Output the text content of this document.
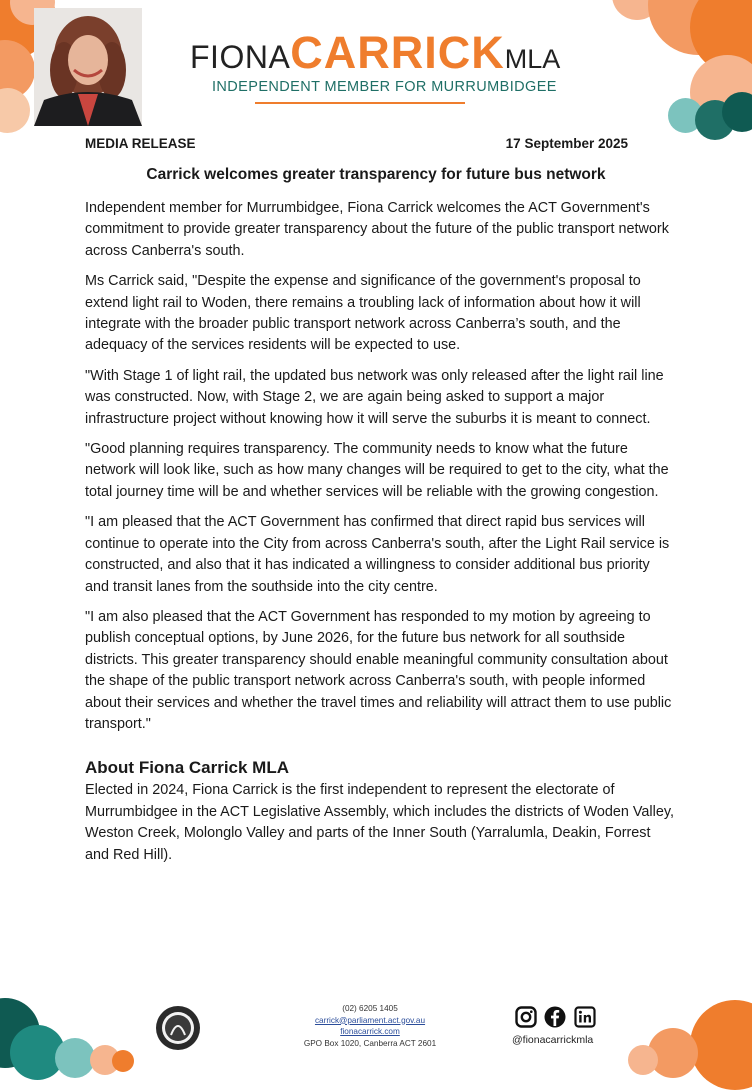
FIONACARRICKMLA
INDEPENDENT MEMBER FOR MURRUMBIDGEE
MEDIA RELEASE	17 September 2025
Carrick welcomes greater transparency for future bus network

Independent member for Murrumbidgee, Fiona Carrick welcomes the ACT Government's commitment to provide greater transparency about the future of the public transport network across Canberra's south.

Ms Carrick said, "Despite the expense and significance of the government's proposal to extend light rail to Woden, there remains a troubling lack of information about how it will integrate with the broader public transport network across Canberra’s south, and the adequacy of the services residents will be expected to use.

"With Stage 1 of light rail, the updated bus network was only released after the light rail line was constructed. Now, with Stage 2, we are again being asked to support a major infrastructure project without knowing how it will serve the suburbs it is meant to connect.

"Good planning requires transparency. The community needs to know what the future network will look like, such as how many changes will be required to get to the city, what the total journey time will be and whether services will be reliable with the growing congestion.

"I am pleased that the ACT Government has confirmed that direct rapid bus services will continue to operate into the City from across Canberra's south, after the Light Rail service is constructed, and also that it has indicated a willingness to consider additional bus priority and transit lanes from the southside into the city centre.

"I am also pleased that the ACT Government has responded to my motion by agreeing to publish conceptual options, by June 2026, for the future bus network for all southside districts. This greater transparency should enable meaningful community consultation about the shape of the public transport network across Canberra's south, with people informed about their services and whether the travel times and reliability will attract them to use public transport."

About Fiona Carrick MLA

Elected in 2024, Fiona Carrick is the first independent to represent the electorate of Murrumbidgee in the ACT Legislative Assembly, which includes the districts of Woden Valley, Weston Creek, Molonglo Valley and parts of the Inner South (Yarralumla, Deakin, Forrest and Red Hill).

(02) 6205 1405
carrick@parliament.act.gov.au
fionacarrick.com
GPO Box 1020, Canberra ACT 2601
	@fionacarrickmla
